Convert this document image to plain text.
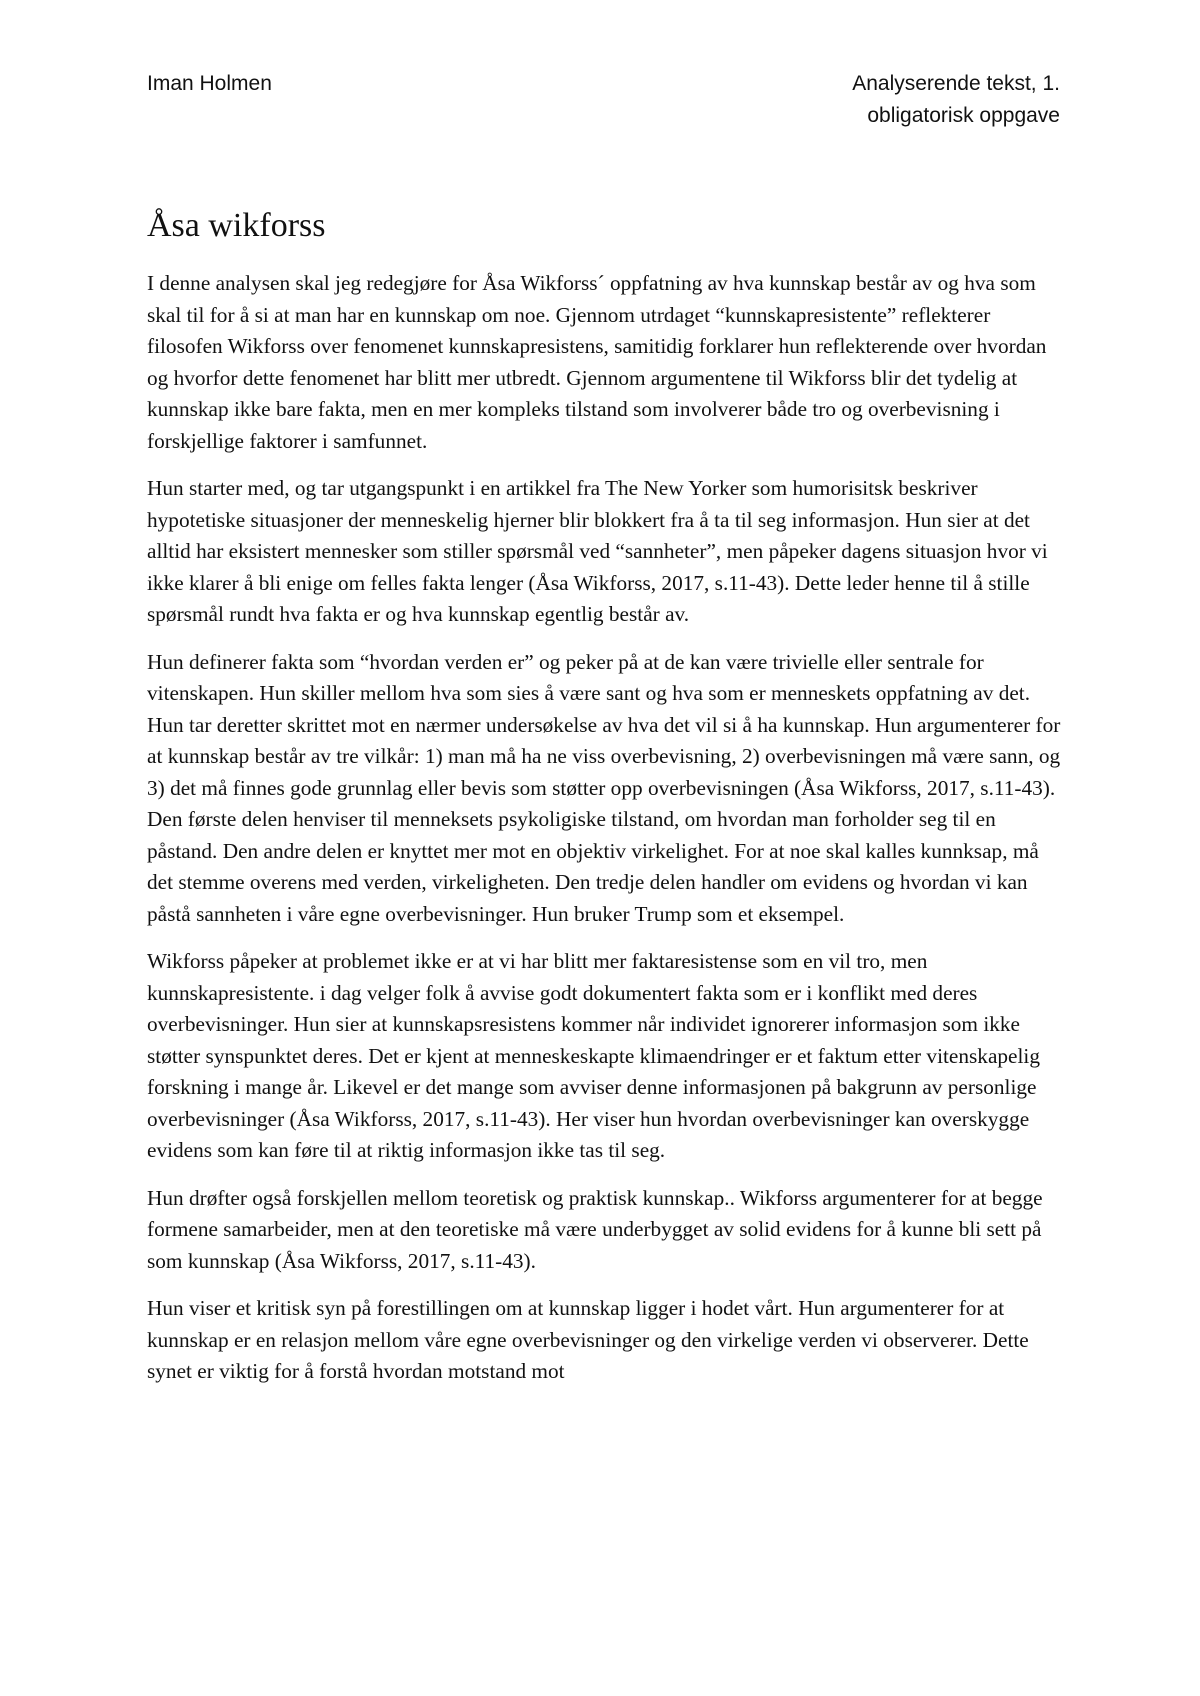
Iman Holmen	Analyserende tekst, 1.
obligatorisk oppgave
Åsa wikforss

I denne analysen skal jeg redegjøre for Åsa Wikforss´ oppfatning av hva kunnskap består av og hva som skal til for å si at man har en kunnskap om noe. Gjennom utrdaget “kunnskapresistente” reflekterer filosofen Wikforss over fenomenet kunnskapresistens, samitidig forklarer hun reflekterende over hvordan og hvorfor dette fenomenet har blitt mer utbredt. Gjennom argumentene til Wikforss blir det tydelig at kunnskap ikke bare fakta, men en mer kompleks tilstand som involverer både tro og overbevisning i forskjellige faktorer i samfunnet.

Hun starter med, og tar utgangspunkt i en artikkel fra The New Yorker som humorisitsk beskriver hypotetiske situasjoner der menneskelig hjerner blir blokkert fra å ta til seg informasjon. Hun sier at det alltid har eksistert mennesker som stiller spørsmål ved “sannheter”, men påpeker dagens situasjon hvor vi ikke klarer å bli enige om felles fakta lenger (Åsa Wikforss, 2017, s.11-43). Dette leder henne til å stille spørsmål rundt hva fakta er og hva kunnskap egentlig består av.

Hun definerer fakta som “hvordan verden er” og peker på at de kan være trivielle eller sentrale for vitenskapen. Hun skiller mellom hva som sies å være sant og hva som er menneskets oppfatning av det. Hun tar deretter skrittet mot en nærmer undersøkelse av hva det vil si å ha kunnskap. Hun argumenterer for at kunnskap består av tre vilkår: 1) man må ha ne viss overbevisning, 2) overbevisningen må være sann, og 3) det må finnes gode grunnlag eller bevis som støtter opp overbevisningen (Åsa Wikforss, 2017, s.11-43). Den første delen henviser til menneksets psykoligiske tilstand, om hvordan man forholder seg til en påstand. Den andre delen er knyttet mer mot en objektiv virkelighet. For at noe skal kalles kunnksap, må det stemme overens med verden, virkeligheten. Den tredje delen handler om evidens og hvordan vi kan påstå sannheten i våre egne overbevisninger. Hun bruker Trump som et eksempel.

Wikforss påpeker at problemet ikke er at vi har blitt mer faktaresistense som en vil tro, men kunnskapresistente. i dag velger folk å avvise godt dokumentert fakta som er i konflikt med deres overbevisninger. Hun sier at kunnskapsresistens kommer når individet ignorerer informasjon som ikke støtter synspunktet deres. Det er kjent at menneskeskapte klimaendringer er et faktum etter vitenskapelig forskning i mange år. Likevel er det mange som avviser denne informasjonen på bakgrunn av personlige overbevisninger (Åsa Wikforss, 2017, s.11-43). Her viser hun hvordan overbevisninger kan overskygge evidens som kan føre til at riktig informasjon ikke tas til seg.

Hun drøfter også forskjellen mellom teoretisk og praktisk kunnskap.. Wikforss argumenterer for at begge formene samarbeider, men at den teoretiske må være underbygget av solid evidens for å kunne bli sett på som kunnskap (Åsa Wikforss, 2017, s.11-43).

Hun viser et kritisk syn på forestillingen om at kunnskap ligger i hodet vårt. Hun argumenterer for at kunnskap er en relasjon mellom våre egne overbevisninger og den virkelige verden vi observerer. Dette synet er viktig for å forstå hvordan motstand mot
